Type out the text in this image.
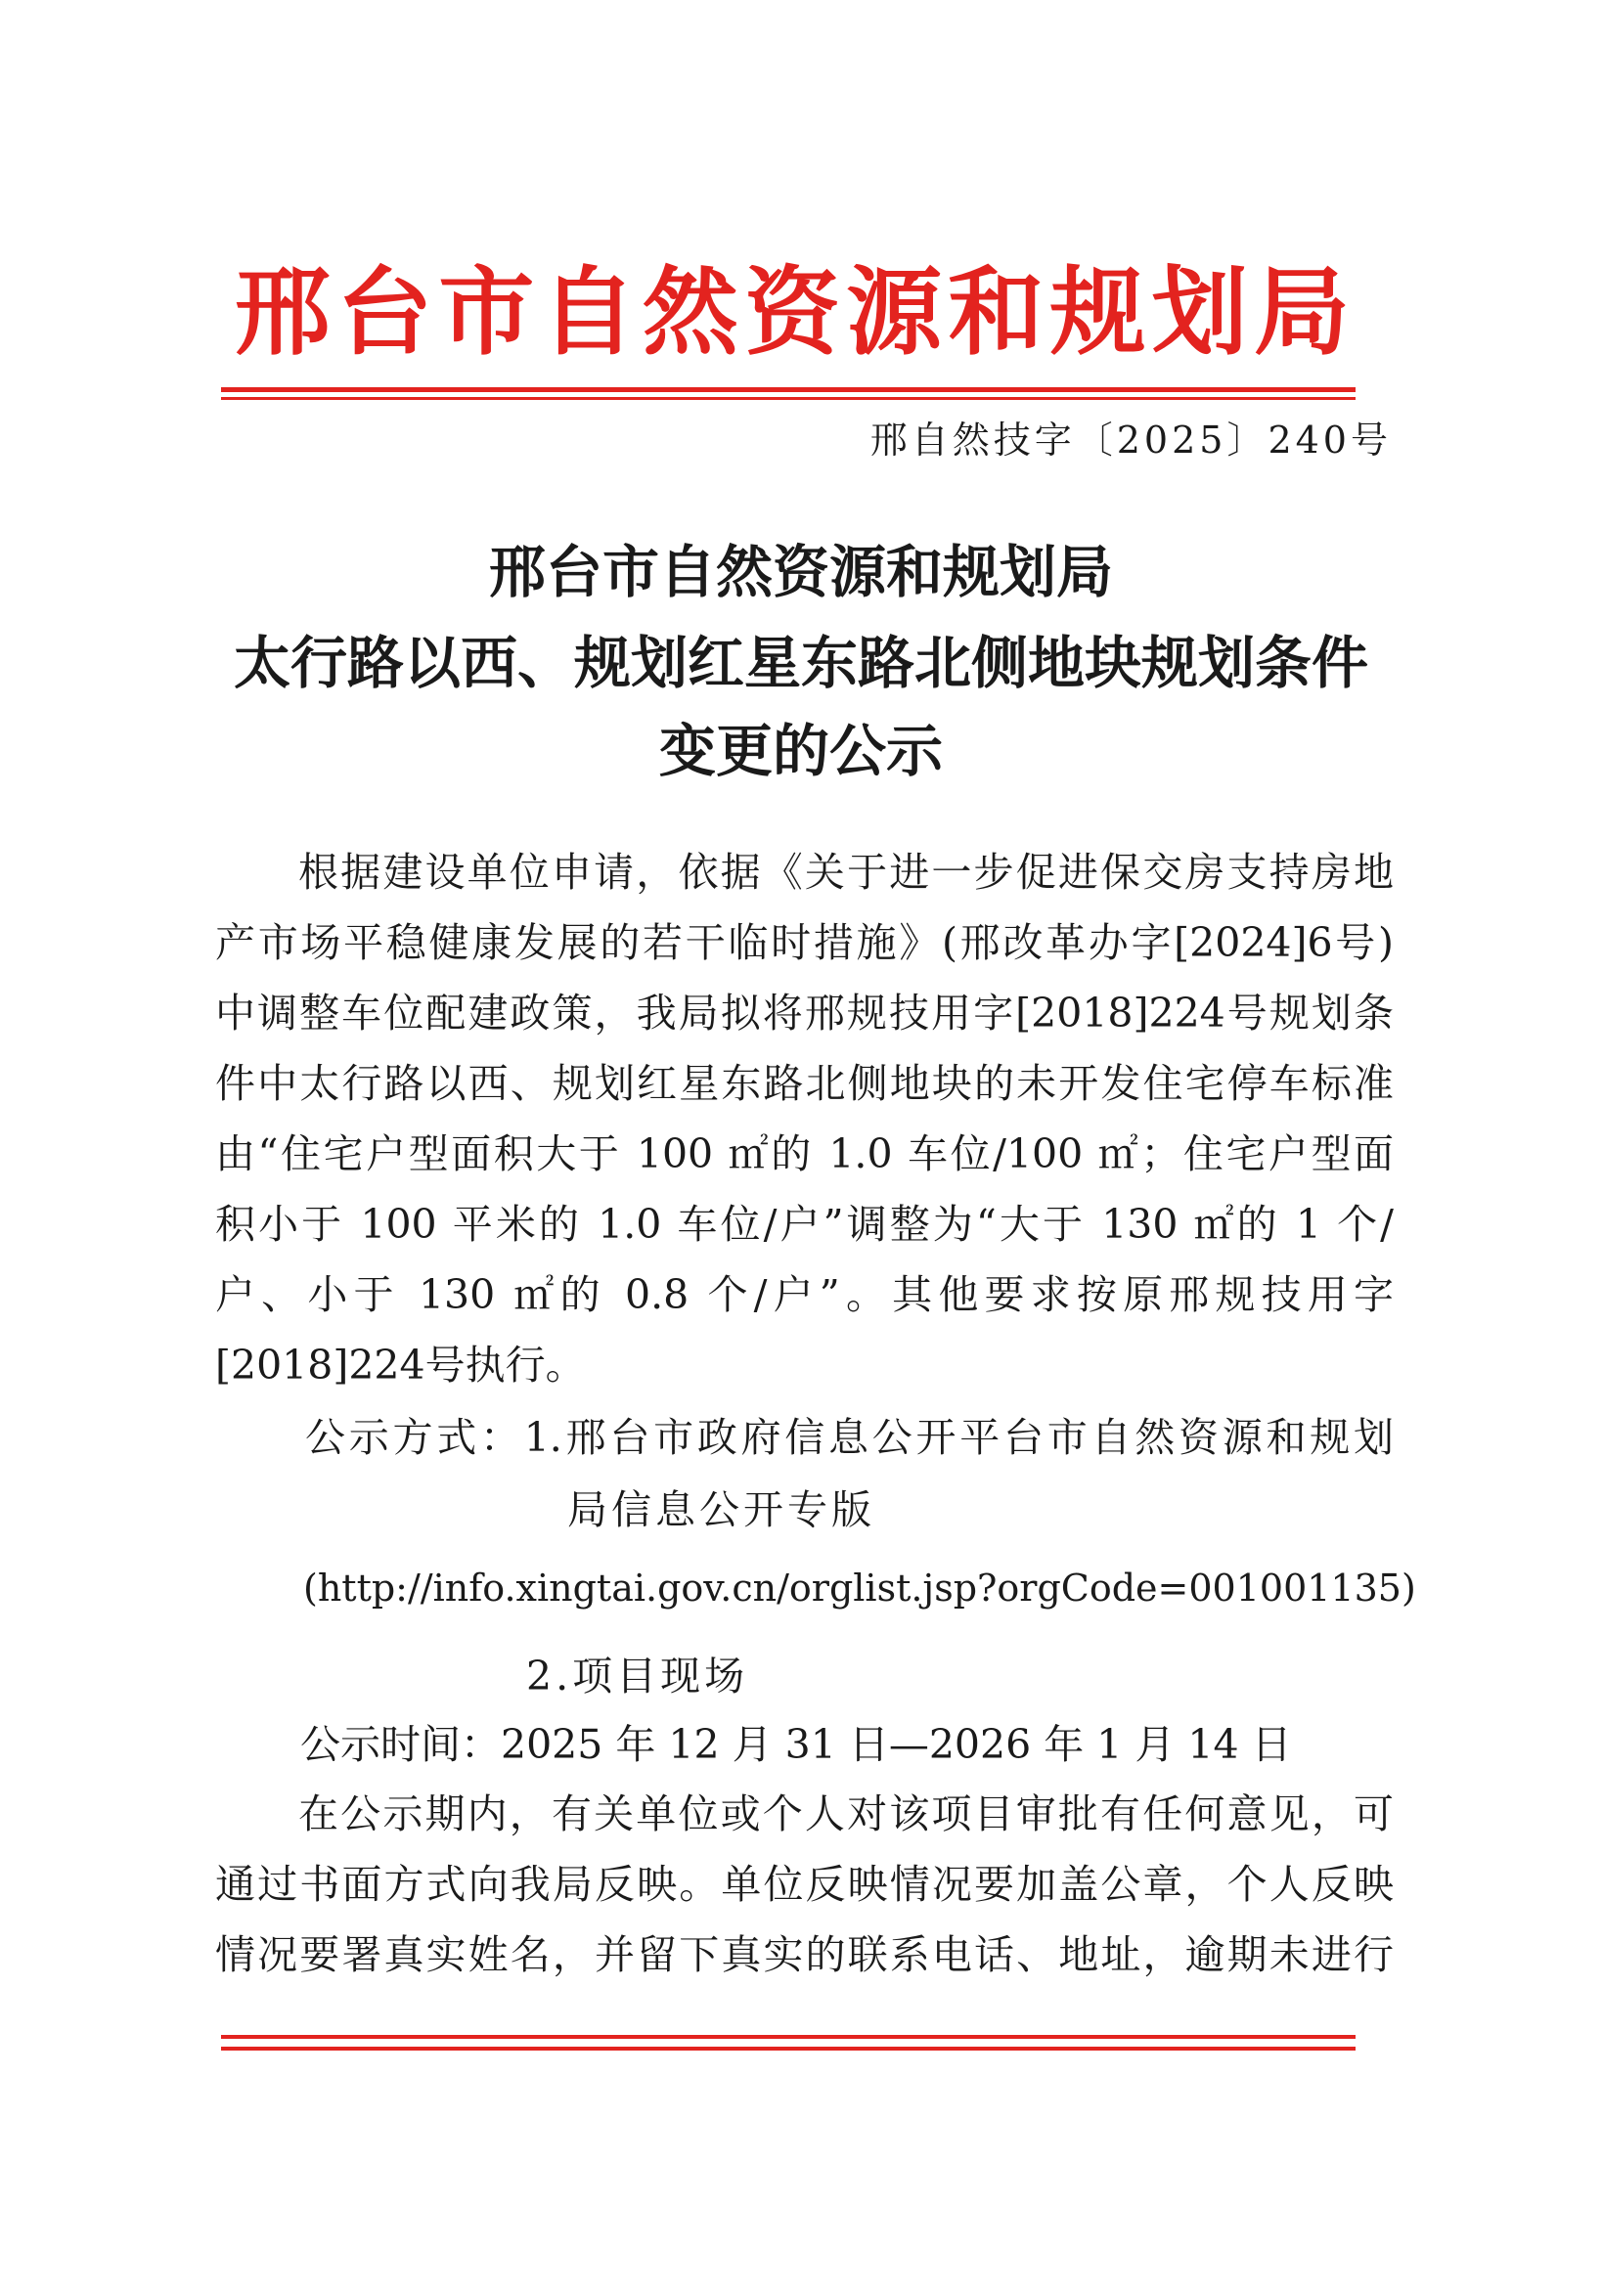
邢台市自然资源和规划局
邢自然技字〔2025〕240号
邢台市自然资源和规划局
太行路以西、规划红星东路北侧地块规划条件
变更的公示
根据建设单位申请，依据《关于进一步促进保交房支持房地
产市场平稳健康发展的若干临时措施》(邢改革办字[2024]6号)
中调整车位配建政策，我局拟将邢规技用字[2018]224号规划条
件中太行路以西、规划红星东路北侧地块的未开发住宅停车标准
由“住宅户型面积大于 100 ㎡的 1.0 车位/100 ㎡；住宅户型面
积小于 100 平米的 1.0 车位/户”调整为“大于 130 ㎡的 1 个/
户、小于 130 ㎡的 0.8 个/户”。其他要求按原邢规技用字
[2018]224号执行。
公示方式：1.邢台市政府信息公开平台市自然资源和规划
局信息公开专版
(http://info.xingtai.gov.cn/orglist.jsp?orgCode=001001135)
2.项目现场
公示时间：2025 年 12 月 31 日—2026 年 1 月 14 日
在公示期内，有关单位或个人对该项目审批有任何意见，可
通过书面方式向我局反映。单位反映情况要加盖公章，个人反映
情况要署真实姓名，并留下真实的联系电话、地址，逾期未进行
